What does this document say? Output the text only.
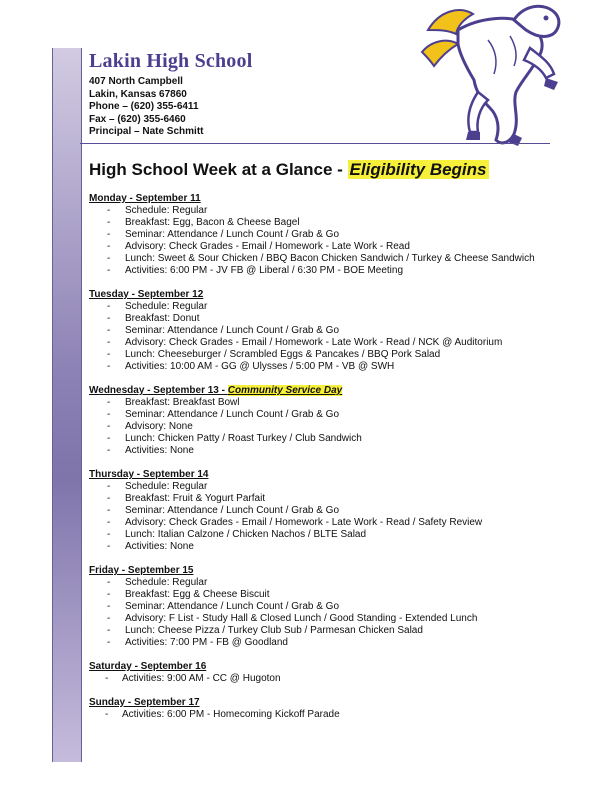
Lakin High School
407 North Campbell
Lakin, Kansas 67860
Phone – (620) 355-6411
Fax – (620) 355-6460
Principal – Nate Schmitt
High School Week at a Glance - Eligibility Begins
Monday - September 11
- Schedule: Regular
- Breakfast: Egg, Bacon & Cheese Bagel
- Seminar: Attendance / Lunch Count / Grab & Go
- Advisory: Check Grades - Email / Homework - Late Work - Read
- Lunch: Sweet & Sour Chicken / BBQ Bacon Chicken Sandwich / Turkey & Cheese Sandwich
- Activities: 6:00 PM - JV FB @ Liberal / 6:30 PM - BOE Meeting
Tuesday - September 12
- Schedule: Regular
- Breakfast: Donut
- Seminar: Attendance / Lunch Count / Grab & Go
- Advisory: Check Grades - Email / Homework - Late Work - Read / NCK @ Auditorium
- Lunch: Cheeseburger / Scrambled Eggs & Pancakes / BBQ Pork Salad
- Activities: 10:00 AM - GG @ Ulysses / 5:00 PM - VB @ SWH
Wednesday - September 13 - Community Service Day
- Breakfast: Breakfast Bowl
- Seminar: Attendance / Lunch Count / Grab & Go
- Advisory: None
- Lunch: Chicken Patty / Roast Turkey / Club Sandwich
- Activities: None
Thursday - September 14
- Schedule: Regular
- Breakfast: Fruit & Yogurt Parfait
- Seminar: Attendance / Lunch Count / Grab & Go
- Advisory: Check Grades - Email / Homework - Late Work - Read / Safety Review
- Lunch: Italian Calzone / Chicken Nachos / BLTE Salad
- Activities: None
Friday - September 15
- Schedule: Regular
- Breakfast: Egg & Cheese Biscuit
- Seminar: Attendance / Lunch Count / Grab & Go
- Advisory: F List - Study Hall & Closed Lunch / Good Standing - Extended Lunch
- Lunch: Cheese Pizza / Turkey Club Sub / Parmesan Chicken Salad
- Activities: 7:00 PM - FB @ Goodland
Saturday - September 16
- Activities: 9:00 AM - CC @ Hugoton
Sunday - September 17
- Activities: 6:00 PM - Homecoming Kickoff Parade
